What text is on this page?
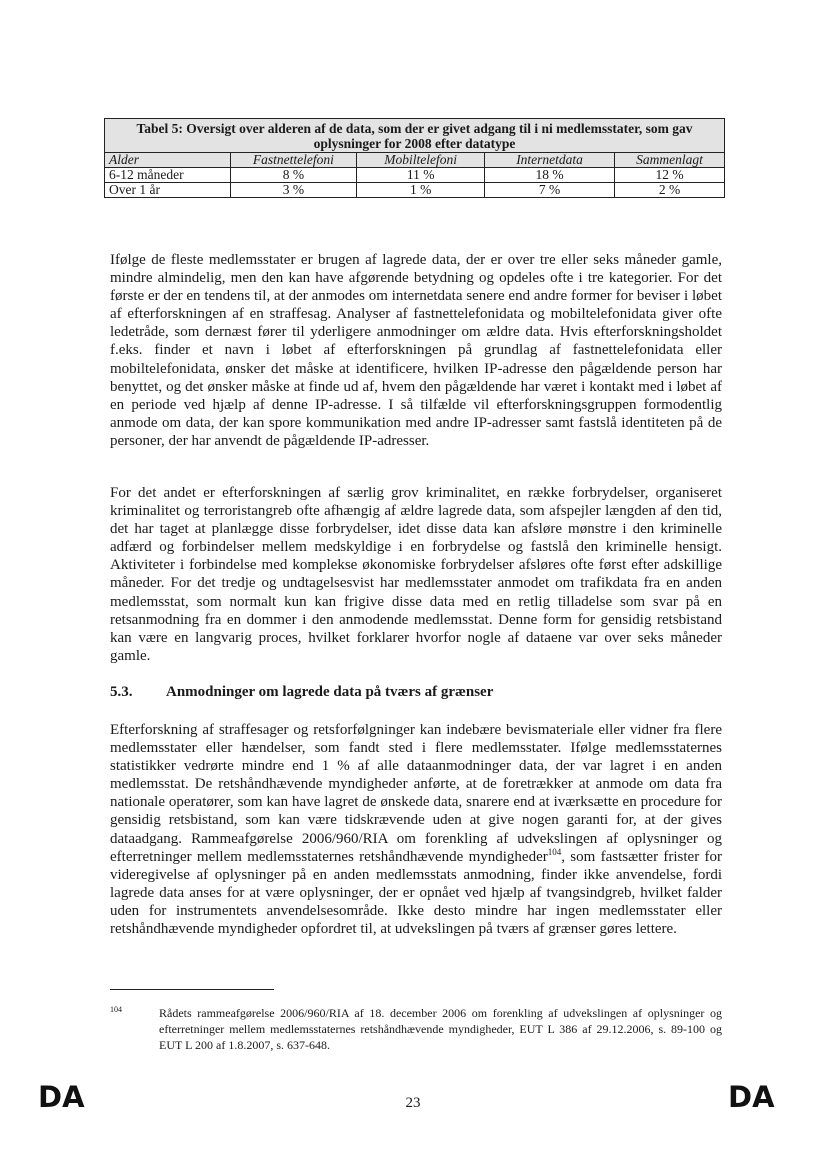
Tabel 5: Oversigt over alderen af de data, som der er givet adgang til i ni medlemsstater, som gav oplysninger for 2008 efter datatype				
Alder	Fastnettelefoni	Mobiltelefoni	Internetdata	Sammenlagt
6-12 måneder	8 %	11 %	18 %	12 %
Over 1 år	3 %	1 %	7 %	2 %

Ifølge de fleste medlemsstater er brugen af lagrede data, der er over tre eller seks måneder gamle, mindre almindelig, men den kan have afgørende betydning og opdeles ofte i tre kategorier. For det første er der en tendens til, at der anmodes om internetdata senere end andre former for beviser i løbet af efterforskningen af en straffesag. Analyser af fastnettelefonidata og mobiltelefonidata giver ofte ledetråde, som dernæst fører til yderligere anmodninger om ældre data. Hvis efterforskningsholdet f.eks. finder et navn i løbet af efterforskningen på grundlag af fastnettelefonidata eller mobiltelefonidata, ønsker det måske at identificere, hvilken IP-adresse den pågældende person har benyttet, og det ønsker måske at finde ud af, hvem den pågældende har været i kontakt med i løbet af en periode ved hjælp af denne IP-adresse. I så tilfælde vil efterforskningsgruppen formodentlig anmode om data, der kan spore kommunikation med andre IP-adresser samt fastslå identiteten på de personer, der har anvendt de pågældende IP-adresser.

For det andet er efterforskningen af særlig grov kriminalitet, en række forbrydelser, organiseret kriminalitet og terroristangreb ofte afhængig af ældre lagrede data, som afspejler længden af den tid, det har taget at planlægge disse forbrydelser, idet disse data kan afsløre mønstre i den kriminelle adfærd og forbindelser mellem medskyldige i en forbrydelse og fastslå den kriminelle hensigt. Aktiviteter i forbindelse med komplekse økonomiske forbrydelser afsløres ofte først efter adskillige måneder. For det tredje og undtagelsesvist har medlemsstater anmodet om trafikdata fra en anden medlemsstat, som normalt kun kan frigive disse data med en retlig tilladelse som svar på en retsanmodning fra en dommer i den anmodende medlemsstat. Denne form for gensidig retsbistand kan være en langvarig proces, hvilket forklarer hvorfor nogle af dataene var over seks måneder gamle.

5.3. Anmodninger om lagrede data på tværs af grænser

Efterforskning af straffesager og retsforfølgninger kan indebære bevismateriale eller vidner fra flere medlemsstater eller hændelser, som fandt sted i flere medlemsstater. Ifølge medlemsstaternes statistikker vedrørte mindre end 1 % af alle dataanmodninger data, der var lagret i en anden medlemsstat. De retshåndhævende myndigheder anførte, at de foretrækker at anmode om data fra nationale operatører, som kan have lagret de ønskede data, snarere end at iværksætte en procedure for gensidig retsbistand, som kan være tidskrævende uden at give nogen garanti for, at der gives dataadgang. Rammeafgørelse 2006/960/RIA om forenkling af udvekslingen af oplysninger og efterretninger mellem medlemsstaternes retshåndhævende myndigheder$^{104}$, som fastsætter frister for videregivelse af oplysninger på en anden medlemsstats anmodning, finder ikke anvendelse, fordi lagrede data anses for at være oplysninger, der er opnået ved hjælp af tvangsindgreb, hvilket falder uden for instrumentets anvendelsesområde. Ikke desto mindre har ingen medlemsstater eller retshåndhævende myndigheder opfordret til, at udvekslingen på tværs af grænser gøres lettere.

104	Rådets rammeafgørelse 2006/960/RIA af 18. december 2006 om forenkling af udvekslingen af oplysninger og efterretninger mellem medlemsstaternes retshåndhævende myndigheder, EUT L 386 af 29.12.2006, s. 89-100 og EUT L 200 af 1.8.2007, s. 637-648.

DA	23	DA
